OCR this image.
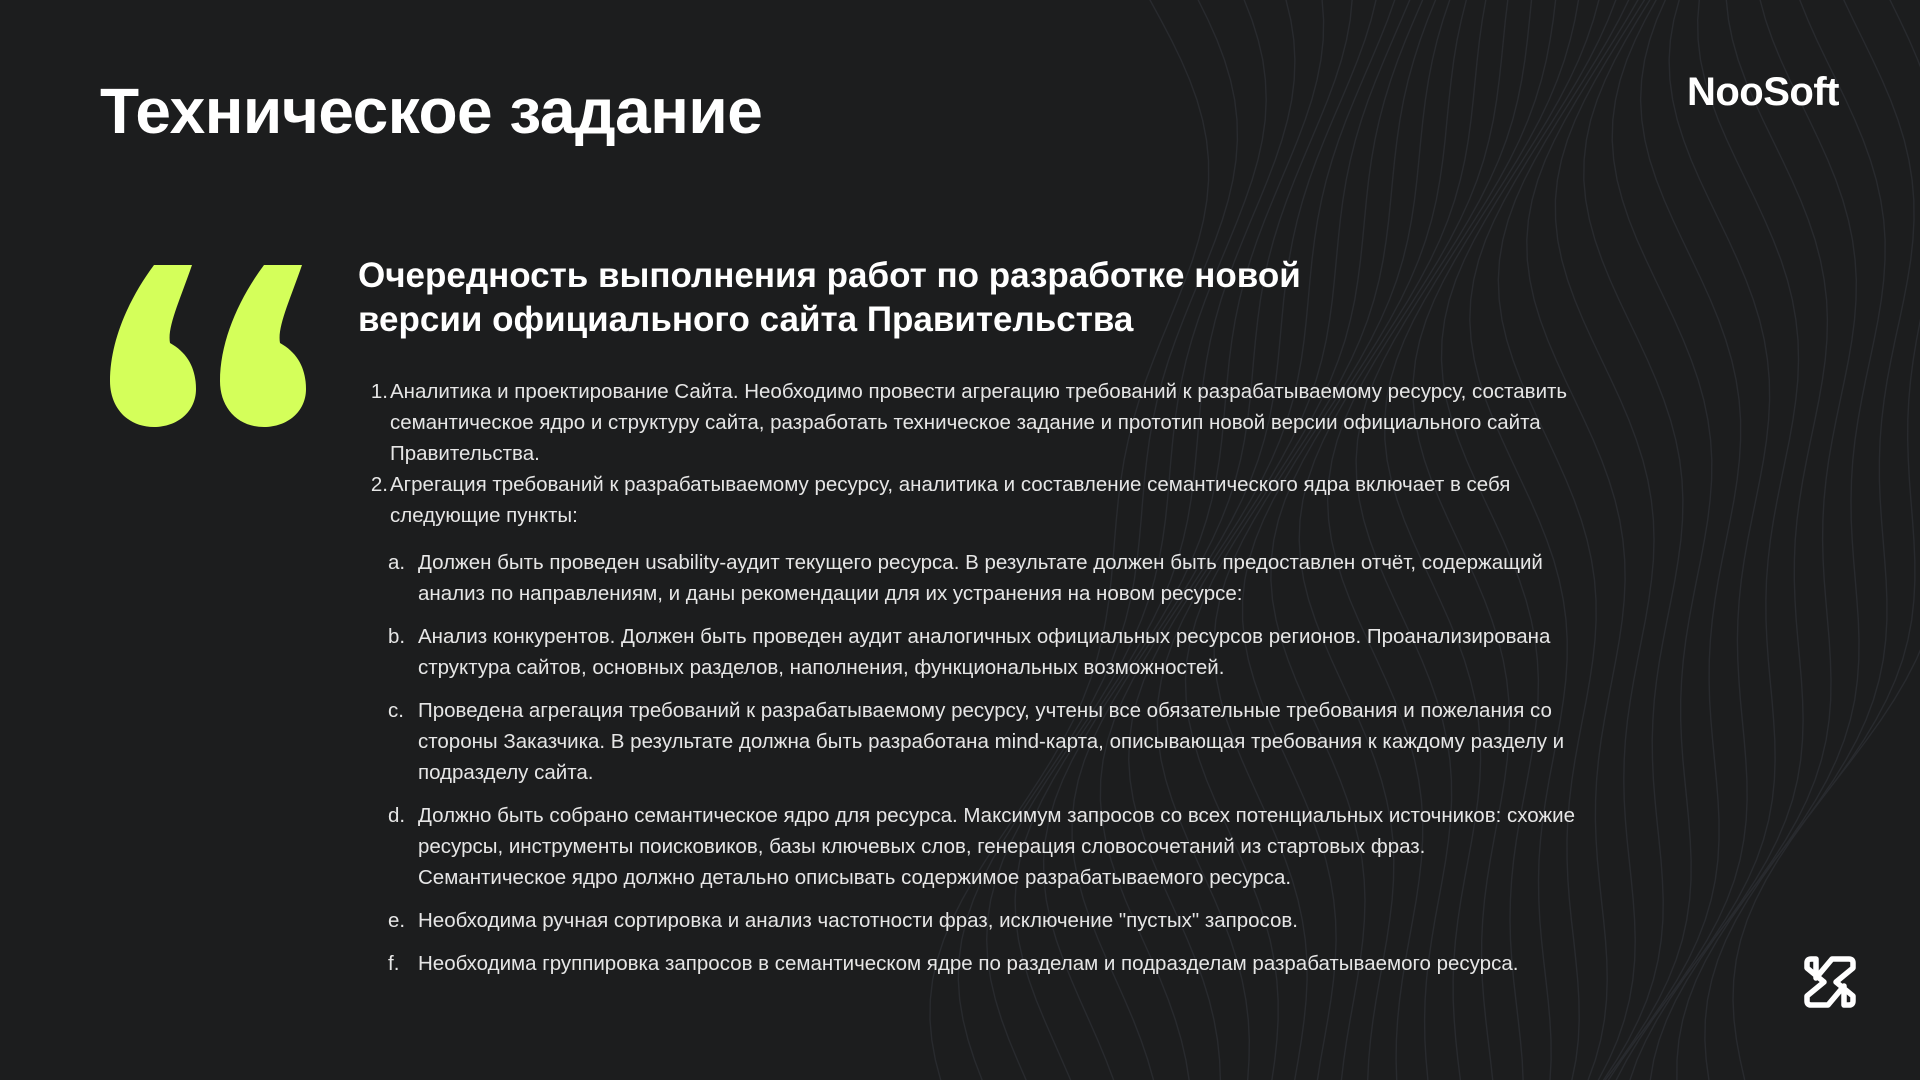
Техническое задание	NooSoft
Очередность выполнения работ по разработке новой
версии официального сайта Правительства
1. Аналитика и проектирование Сайта. Необходимо провести агрегацию требований к разрабатываемому ресурсу, составить семантическое ядро и структуру сайта, разработать техническое задание и прототип новой версии официального сайта Правительства.
2. Агрегация требований к разрабатываемому ресурсу, аналитика и составление семантического ядра включает в себя следующие пункты:
a. Должен быть проведен usability-аудит текущего ресурса. В результате должен быть предоставлен отчёт, содержащий анализ по направлениям, и даны рекомендации для их устранения на новом ресурсе:
b. Анализ конкурентов. Должен быть проведен аудит аналогичных официальных ресурсов регионов. Проанализирована структура сайтов, основных разделов, наполнения, функциональных возможностей.
c. Проведена агрегация требований к разрабатываемому ресурсу, учтены все обязательные требования и пожелания со стороны Заказчика. В результате должна быть разработана mind-карта, описывающая требования к каждому разделу и подразделу сайта.
d. Должно быть собрано семантическое ядро для ресурса. Максимум запросов со всех потенциальных источников: схожие ресурсы, инструменты поисковиков, базы ключевых слов, генерация словосочетаний из стартовых фраз. Семантическое ядро должно детально описывать содержимое разрабатываемого ресурса.
e. Необходима ручная сортировка и анализ частотности фраз, исключение "пустых" запросов.
f. Необходима группировка запросов в семантическом ядре по разделам и подразделам разрабатываемого ресурса.
